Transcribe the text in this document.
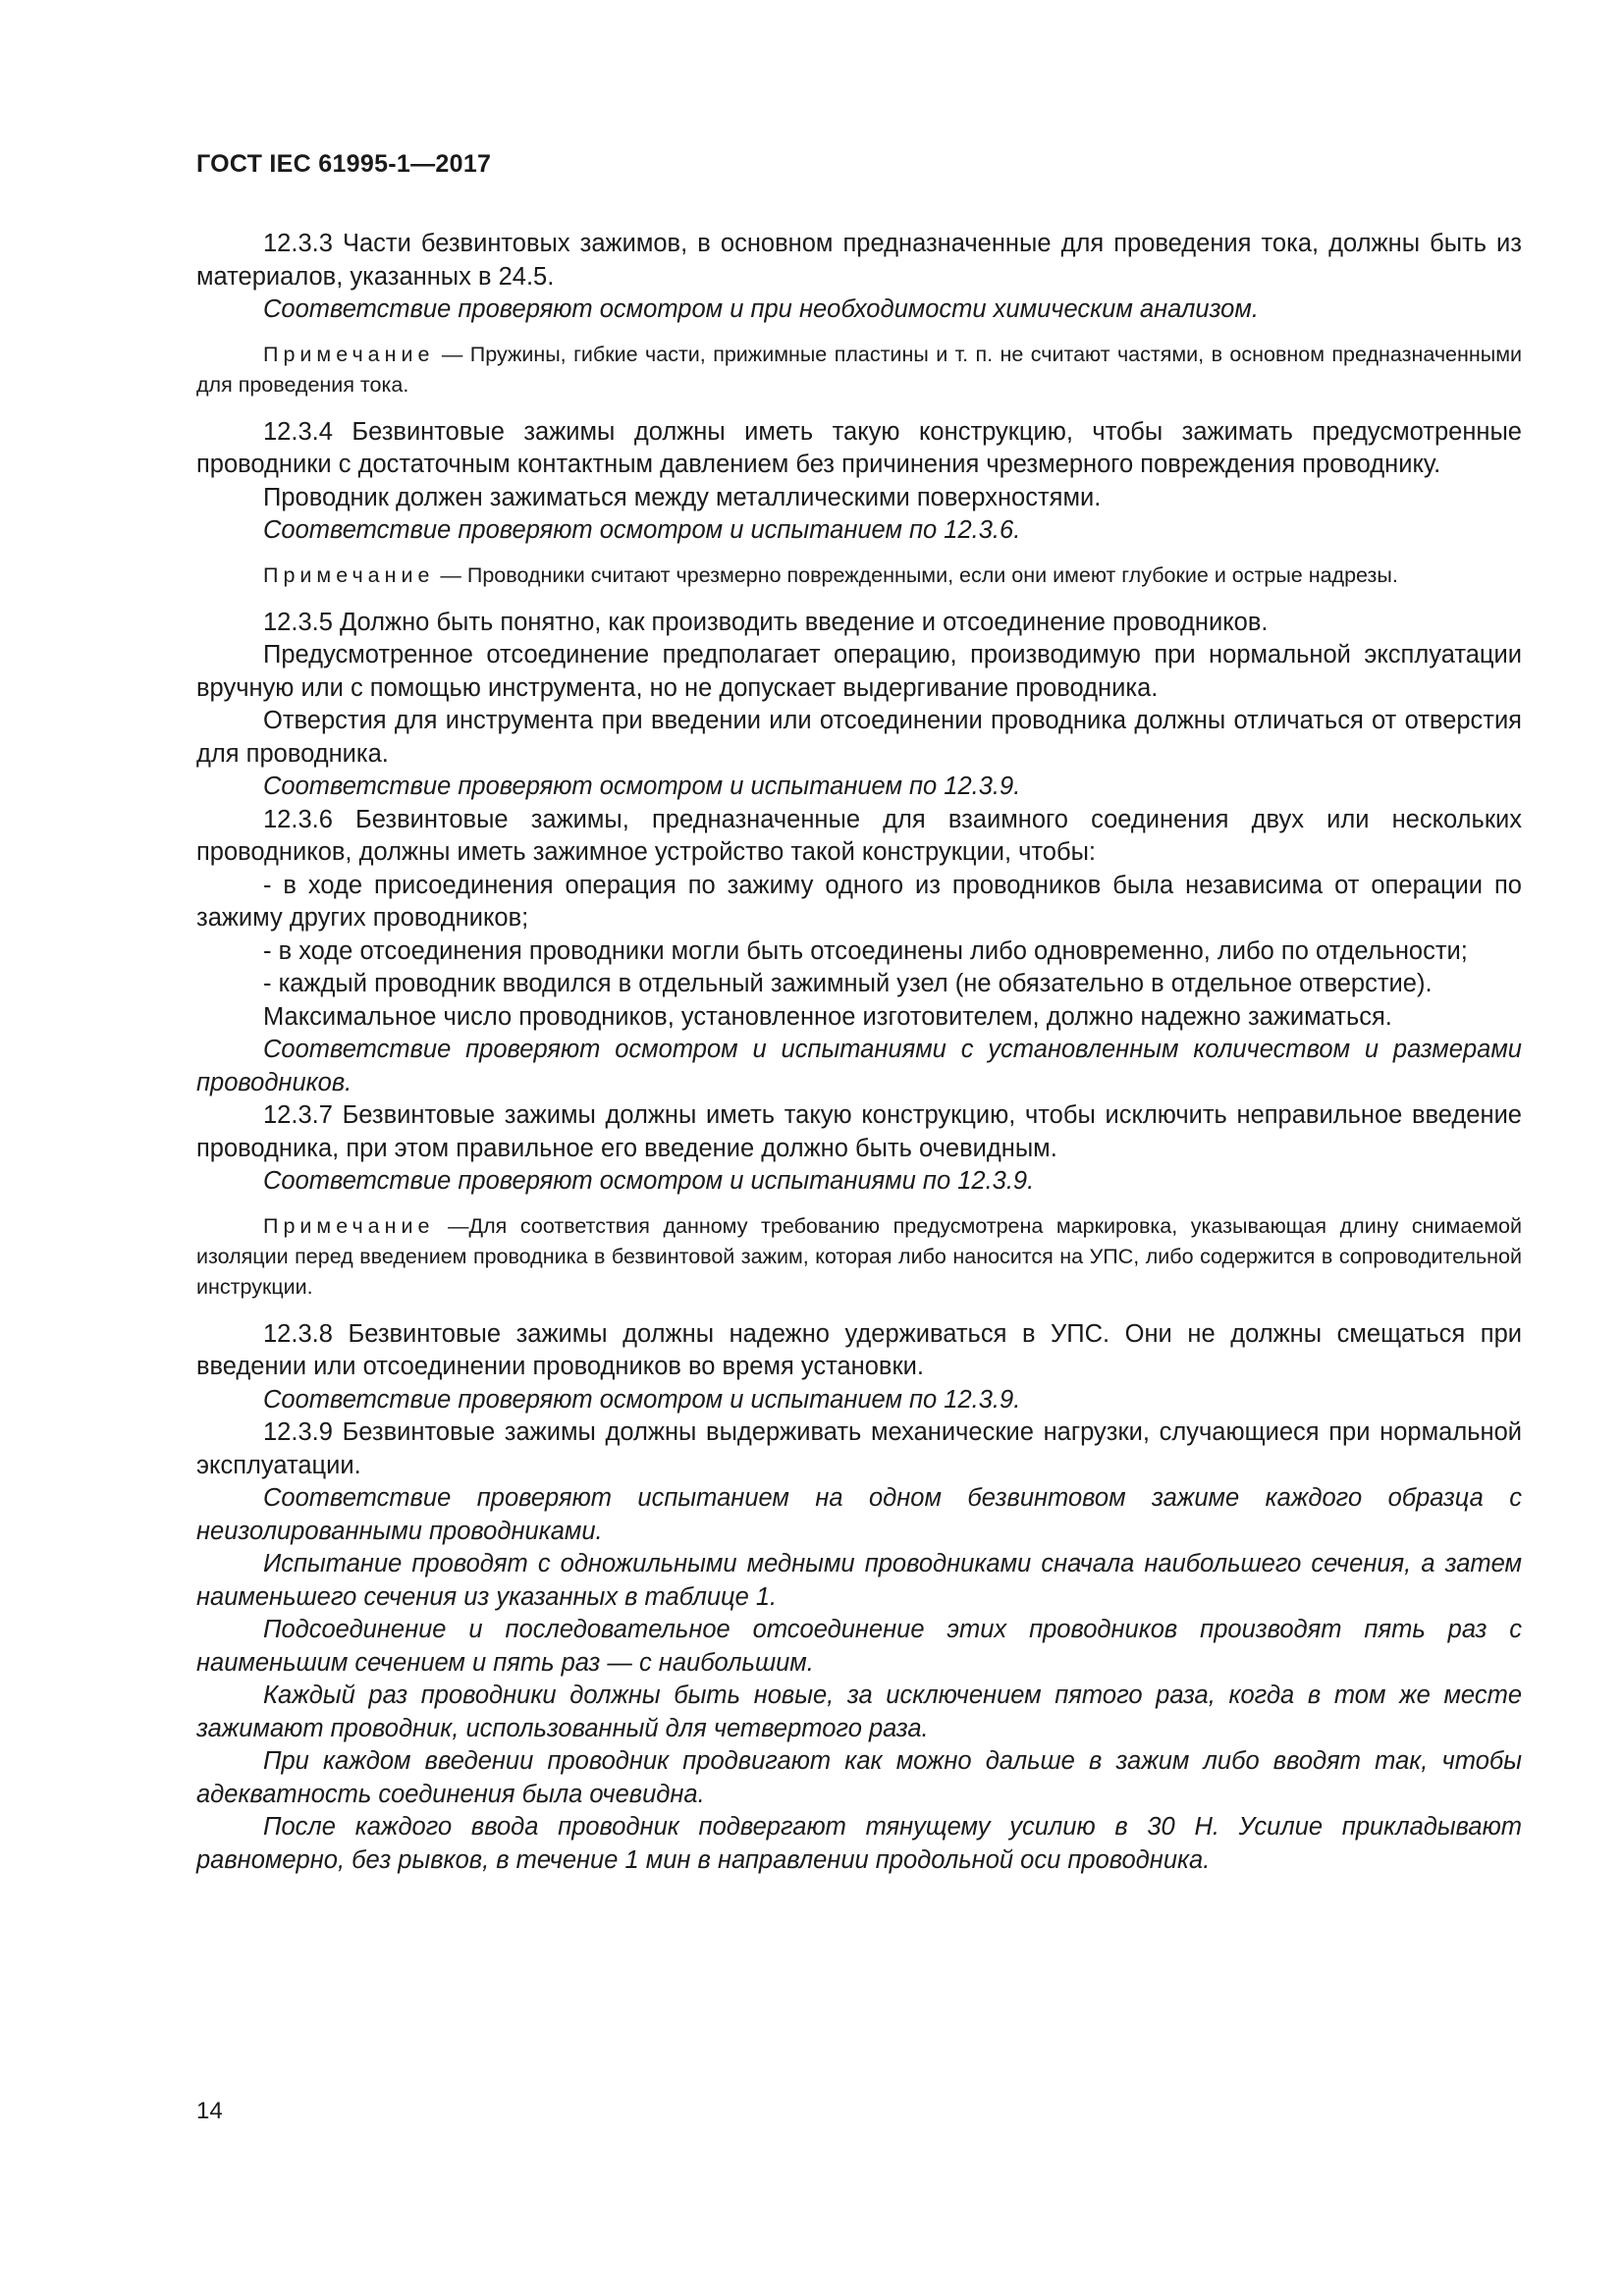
ГОСТ IEC 61995-1—2017

12.3.3 Части безвинтовых зажимов, в основном предназначенные для проведения тока, должны быть из материалов, указанных в 24.5.

Соответствие проверяют осмотром и при необходимости химическим анализом.

Примечание — Пружины, гибкие части, прижимные пластины и т. п. не считают частями, в основном предназначенными для проведения тока.

12.3.4 Безвинтовые зажимы должны иметь такую конструкцию, чтобы зажимать предусмотренные проводники с достаточным контактным давлением без причинения чрезмерного повреждения проводнику.

Проводник должен зажиматься между металлическими поверхностями.

Соответствие проверяют осмотром и испытанием по 12.3.6.

Примечание — Проводники считают чрезмерно поврежденными, если они имеют глубокие и острые надрезы.

12.3.5 Должно быть понятно, как производить введение и отсоединение проводников.

Предусмотренное отсоединение предполагает операцию, производимую при нормальной эксплуатации вручную или с помощью инструмента, но не допускает выдергивание проводника.

Отверстия для инструмента при введении или отсоединении проводника должны отличаться от отверстия для проводника.

Соответствие проверяют осмотром и испытанием по 12.3.9.

12.3.6 Безвинтовые зажимы, предназначенные для взаимного соединения двух или нескольких проводников, должны иметь зажимное устройство такой конструкции, чтобы:

- в ходе присоединения операция по зажиму одного из проводников была независима от операции по зажиму других проводников;

- в ходе отсоединения проводники могли быть отсоединены либо одновременно, либо по отдельности;

- каждый проводник вводился в отдельный зажимный узел (не обязательно в отдельное отверстие).

Максимальное число проводников, установленное изготовителем, должно надежно зажиматься.

Соответствие проверяют осмотром и испытаниями с установленным количеством и размерами проводников.

12.3.7 Безвинтовые зажимы должны иметь такую конструкцию, чтобы исключить неправильное введение проводника, при этом правильное его введение должно быть очевидным.

Соответствие проверяют осмотром и испытаниями по 12.3.9.

Примечание —Для соответствия данному требованию предусмотрена маркировка, указывающая длину снимаемой изоляции перед введением проводника в безвинтовой зажим, которая либо наносится на УПС, либо содержится в сопроводительной инструкции.

12.3.8 Безвинтовые зажимы должны надежно удерживаться в УПС. Они не должны смещаться при введении или отсоединении проводников во время установки.

Соответствие проверяют осмотром и испытанием по 12.3.9.

12.3.9 Безвинтовые зажимы должны выдерживать механические нагрузки, случающиеся при нормальной эксплуатации.

Соответствие проверяют испытанием на одном безвинтовом зажиме каждого образца с неизолированными проводниками.

Испытание проводят с одножильными медными проводниками сначала наибольшего сечения, а затем наименьшего сечения из указанных в таблице 1.

Подсоединение и последовательное отсоединение этих проводников производят пять раз с наименьшим сечением и пять раз — с наибольшим.

Каждый раз проводники должны быть новые, за исключением пятого раза, когда в том же месте зажимают проводник, использованный для четвертого раза.

При каждом введении проводник продвигают как можно дальше в зажим либо вводят так, чтобы адекватность соединения была очевидна.

После каждого ввода проводник подвергают тянущему усилию в 30 Н. Усилие прикладывают равномерно, без рывков, в течение 1 мин в направлении продольной оси проводника.

14
